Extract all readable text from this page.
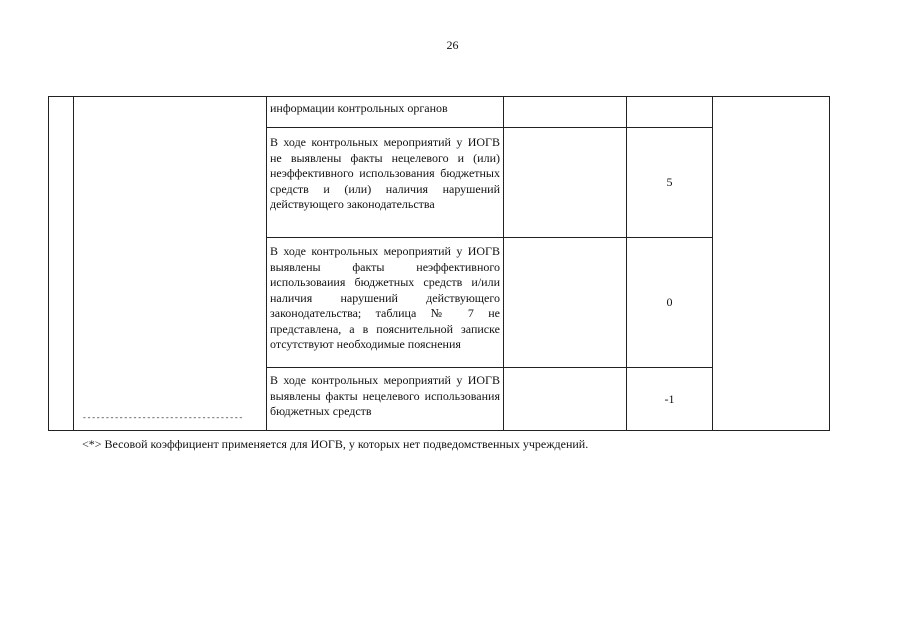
26
		информации контрольных органов			
		В ходе контрольных мероприятий у ИОГВ не выявлены факты нецелевого и (или) неэффективного использования бюджетных средств и (или) наличия нарушений действующего законодательства		5	
		В ходе контрольных мероприятий у ИОГВ выявлены факты неэффективного использоваиия бюджетных средств и/или наличия нарушений действующего законодательства; таблица № 7 не представлена, а в пояснительной записке отсутствуют необходимые пояснения		0	
		В ходе контрольных мероприятий у ИОГВ выявлены факты нецелевого использования бюджетных средств		-1	
-----------------------------------
<*> Весовой коэффициент применяется для ИОГВ, у которых нет подведомственных учреждений.
